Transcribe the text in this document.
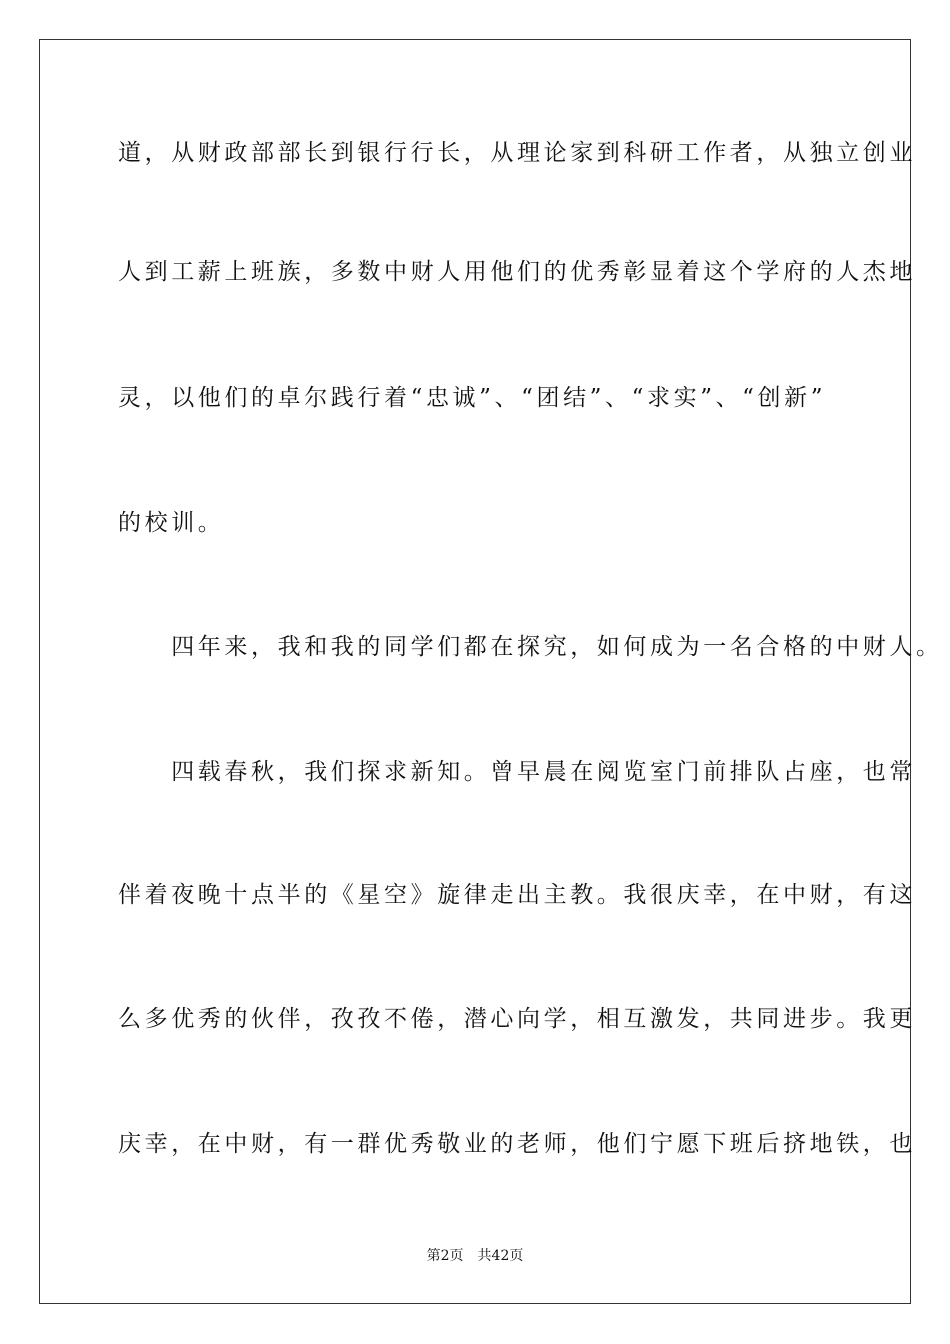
道，从财政部部长到银行行长，从理论家到科研工作者，从独立创业
人到工薪上班族，多数中财人用他们的优秀彰显着这个学府的人杰地
灵，以他们的卓尔践行着“忠诚”、“团结”、“求实”、“创新”
的校训。
　　四年来，我和我的同学们都在探究，如何成为一名合格的中财人。
　　四载春秋，我们探求新知。曾早晨在阅览室门前排队占座，也常
伴着夜晚十点半的《星空》旋律走出主教。我很庆幸，在中财，有这
么多优秀的伙伴，孜孜不倦，潜心向学，相互激发，共同进步。我更
庆幸，在中财，有一群优秀敬业的老师，他们宁愿下班后挤地铁，也
第2页 共42页
